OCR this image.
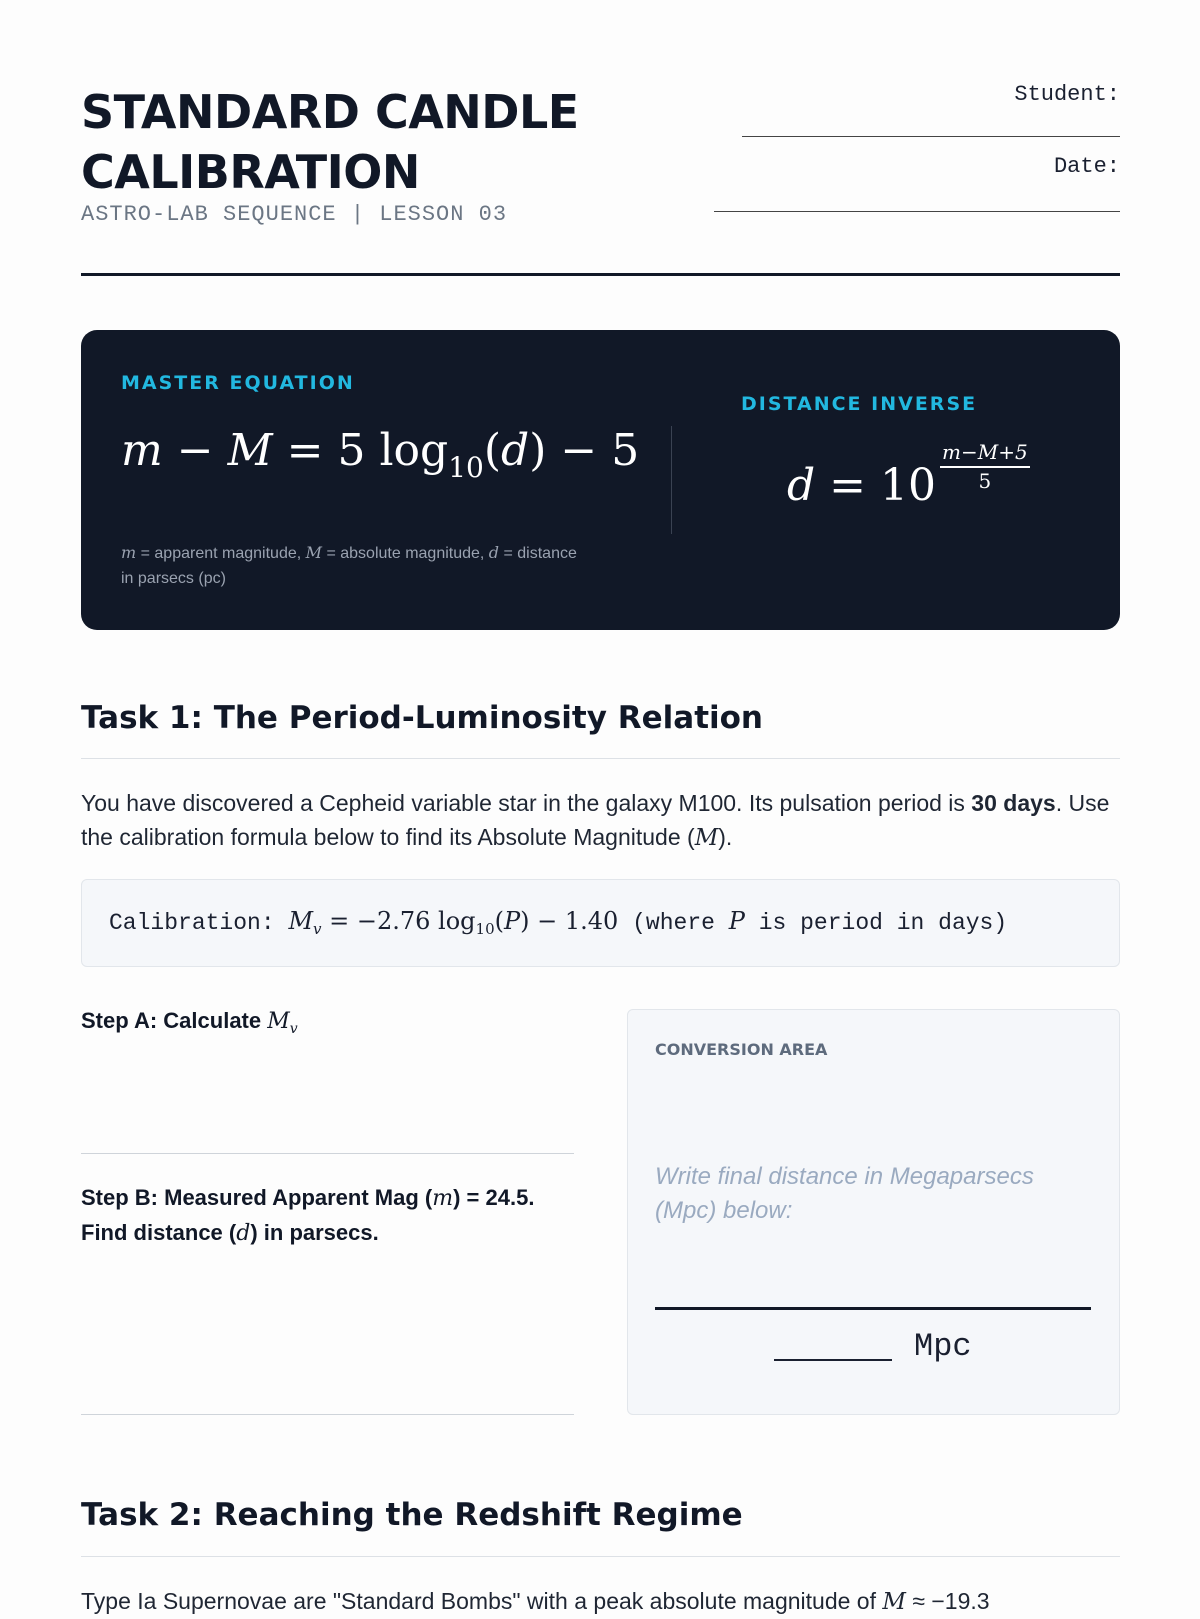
STANDARD CANDLE
CALIBRATION
ASTRO-LAB SEQUENCE | LESSON 03
Student:
Date:
MASTER EQUATION
m − M = 5 $\log_{10}(d) - 5$
DISTANCE INVERSE
$d = 10 \frac{m-M+5}{5}$
m = apparent magnitude, M = absolute magnitude, d = distance in parsecs (pc)
Task 1: The Period-Luminosity Relation
You have discovered a Cepheid variable star in the galaxy M100. Its pulsation period is 30 days. Use the calibration formula below to find its Absolute Magnitude (M).
Calibration: $M_v = -2.76$ $\log_{10}(P) - 1.40$ (where P is period in days)
Step A: Calculate $M_v$
Step B: Measured Apparent Mag (m) = 24.5. Find distance (d) in parsecs.
CONVERSION AREA
Write final distance in Megaparsecs (Mpc) below:
Mpc
Task 2: Reaching the Redshift Regime
Type Ia Supernovae are "Standard Bombs" with a peak absolute magnitude of M ≈ −19.3
